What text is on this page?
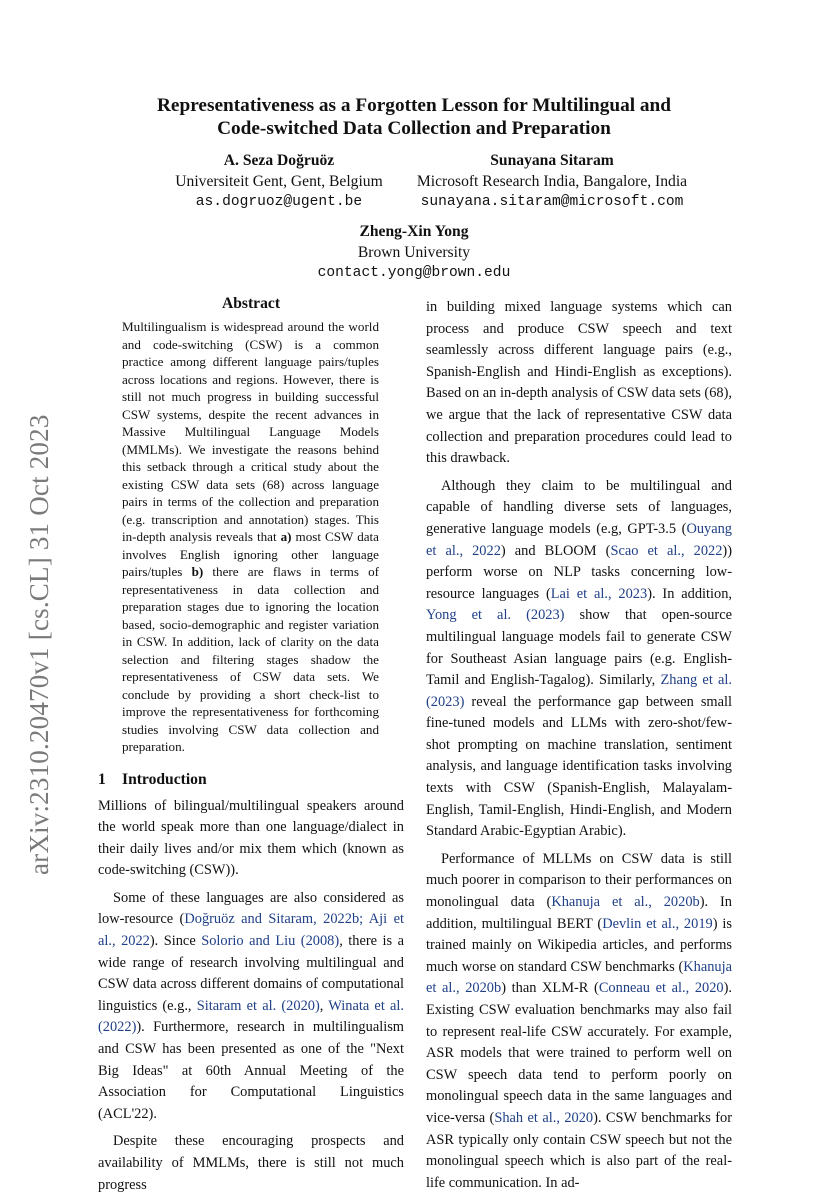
arXiv:2310.20470v1 [cs.CL] 31 Oct 2023
Representativeness as a Forgotten Lesson for Multilingual and
Code-switched Data Collection and Preparation
A. Seza Doğruöz
Universiteit Gent, Gent, Belgium
as.dogruoz@ugent.be
Sunayana Sitaram
Microsoft Research India, Bangalore, India
sunayana.sitaram@microsoft.com
Zheng-Xin Yong
Brown University
contact.yong@brown.edu
Abstract
Multilingualism is widespread around the world and code-switching (CSW) is a common practice among different language pairs/tuples across locations and regions. However, there is still not much progress in building successful CSW systems, despite the recent advances in Massive Multilingual Language Models (MMLMs). We investigate the reasons behind this setback through a critical study about the existing CSW data sets (68) across language pairs in terms of the collection and preparation (e.g. transcription and annotation) stages. This in-depth analysis reveals that a) most CSW data involves English ignoring other language pairs/tuples b) there are flaws in terms of representativeness in data collection and preparation stages due to ignoring the location based, socio-demographic and register variation in CSW. In addition, lack of clarity on the data selection and filtering stages shadow the representativeness of CSW data sets. We conclude by providing a short check-list to improve the representativeness for forthcoming studies involving CSW data collection and preparation.
1 Introduction

Millions of bilingual/multilingual speakers around the world speak more than one language/dialect in their daily lives and/or mix them which (known as code-switching (CSW)).

Some of these languages are also considered as low-resource (Doğruöz and Sitaram, 2022b; Aji et al., 2022). Since Solorio and Liu (2008), there is a wide range of research involving multilingual and CSW data across different domains of computational linguistics (e.g., Sitaram et al. (2020), Winata et al. (2022)). Furthermore, research in multilingualism and CSW has been presented as one of the "Next Big Ideas" at 60th Annual Meeting of the Association for Computational Linguistics (ACL'22).

Despite these encouraging prospects and availability of MMLMs, there is still not much progress

in building mixed language systems which can process and produce CSW speech and text seamlessly across different language pairs (e.g., Spanish-English and Hindi-English as exceptions). Based on an in-depth analysis of CSW data sets (68), we argue that the lack of representative CSW data collection and preparation procedures could lead to this drawback.

Although they claim to be multilingual and capable of handling diverse sets of languages, generative language models (e.g, GPT-3.5 (Ouyang et al., 2022) and BLOOM (Scao et al., 2022)) perform worse on NLP tasks concerning low-resource languages (Lai et al., 2023). In addition, Yong et al. (2023) show that open-source multilingual language models fail to generate CSW for Southeast Asian language pairs (e.g. English-Tamil and English-Tagalog). Similarly, Zhang et al. (2023) reveal the performance gap between small fine-tuned models and LLMs with zero-shot/few-shot prompting on machine translation, sentiment analysis, and language identification tasks involving texts with CSW (Spanish-English, Malayalam-English, Tamil-English, Hindi-English, and Modern Standard Arabic-Egyptian Arabic).

Performance of MLLMs on CSW data is still much poorer in comparison to their performances on monolingual data (Khanuja et al., 2020b). In addition, multilingual BERT (Devlin et al., 2019) is trained mainly on Wikipedia articles, and performs much worse on standard CSW benchmarks (Khanuja et al., 2020b) than XLM-R (Conneau et al., 2020). Existing CSW evaluation benchmarks may also fail to represent real-life CSW accurately. For example, ASR models that were trained to perform well on CSW speech data tend to perform poorly on monolingual speech data in the same languages and vice-versa (Shah et al., 2020). CSW benchmarks for ASR typically only contain CSW speech but not the monolingual speech which is also part of the real-life communication. In ad-
